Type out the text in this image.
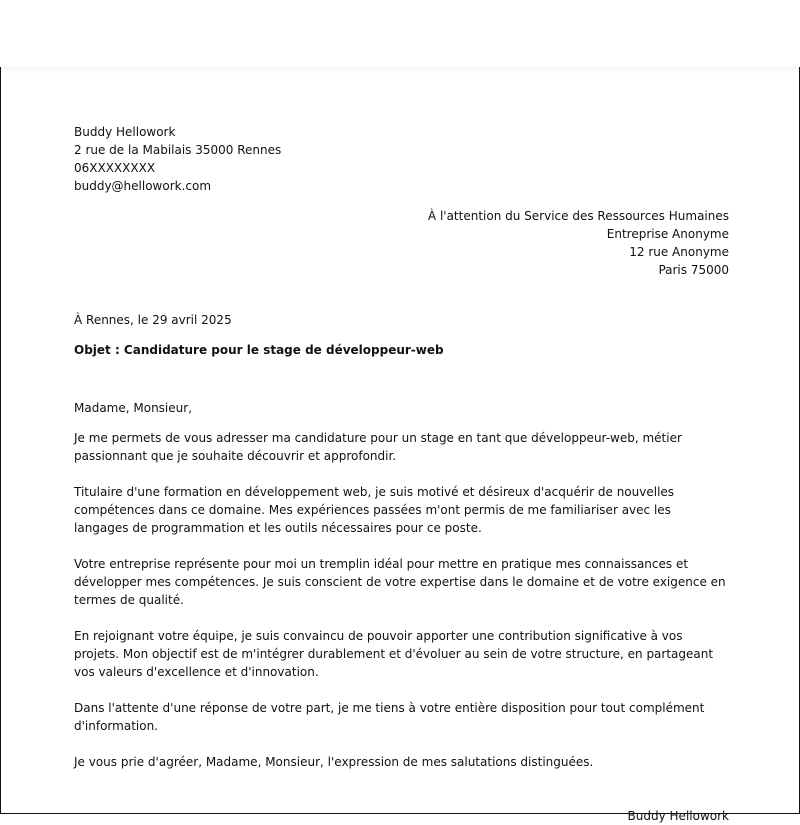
Buddy Hellowork
2 rue de la Mabilais 35000 Rennes
06XXXXXXXX
buddy@hellowork.com
À l'attention du Service des Ressources Humaines
Entreprise Anonyme
12 rue Anonyme
Paris 75000
À Rennes, le 29 avril 2025
Objet : Candidature pour le stage de développeur-web
Madame, Monsieur,
Je me permets de vous adresser ma candidature pour un stage en tant que développeur-web, métier passionnant que je souhaite découvrir et approfondir.
Titulaire d'une formation en développement web, je suis motivé et désireux d'acquérir de nouvelles compétences dans ce domaine. Mes expériences passées m'ont permis de me familiariser avec les langages de programmation et les outils nécessaires pour ce poste.
Votre entreprise représente pour moi un tremplin idéal pour mettre en pratique mes connaissances et développer mes compétences. Je suis conscient de votre expertise dans le domaine et de votre exigence en termes de qualité.
En rejoignant votre équipe, je suis convaincu de pouvoir apporter une contribution significative à vos projets. Mon objectif est de m'intégrer durablement et d'évoluer au sein de votre structure, en partageant vos valeurs d'excellence et d'innovation.
Dans l'attente d'une réponse de votre part, je me tiens à votre entière disposition pour tout complément d'information.
Je vous prie d'agréer, Madame, Monsieur, l'expression de mes salutations distinguées.
Buddy Hellowork
